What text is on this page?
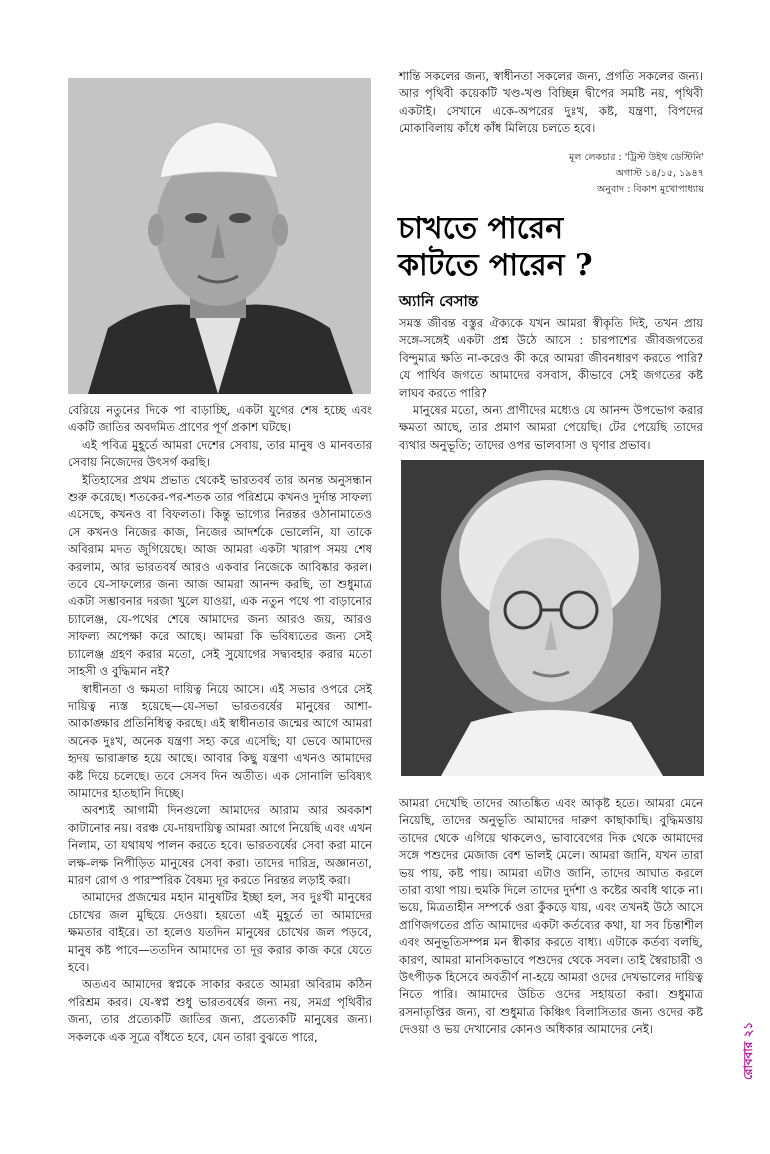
বেরিয়ে নতুনের দিকে পা বাড়াচ্ছি, একটা যুগের শেষ হচ্ছে এবং একটি জাতির অবদমিত প্রাণের পূর্ণ প্রকাশ ঘটছে।

এই পবিত্র মুহূর্তে আমরা দেশের সেবায়, তার মানুষ ও মানবতার সেবায় নিজেদের উৎসর্গ করছি।

ইতিহাসের প্রথম প্রভাত থেকেই ভারতবর্ষ তার অনন্ত অনুসন্ধান শুরু করেছে। শতকের-পর-শতক তার পরিশ্রমে কখনও দুর্দান্ত সাফল্য এসেছে, কখনও বা বিফলতা। কিন্তু ভাগ্যের নিরন্তর ওঠানামাতেও সে কখনও নিজের কাজ, নিজের আদর্শকে ভোলেনি, যা তাকে অবিরাম মদত জুগিয়েছে। আজ আমরা একটা খারাপ সময় শেষ করলাম, আর ভারতবর্ষ আরও একবার নিজেকে আবিষ্কার করল। তবে যে-সাফল্যের জন্য আজ আমরা আনন্দ করছি, তা শুধুমাত্র একটা সম্ভাবনার দরজা খুলে যাওয়া, এক নতুন পথে পা বাড়ানোর চ্যালেঞ্জ, যে-পথের শেষে আমাদের জন্য আরও জয়, আরও সাফল্য অপেক্ষা করে আছে। আমরা কি ভবিষ্যতের জন্য সেই চ্যালেঞ্জ গ্রহণ করার মতো, সেই সুযোগের সদ্ব্যবহার করার মতো সাহসী ও বুদ্ধিমান নই?

স্বাধীনতা ও ক্ষমতা দায়িত্ব নিয়ে আসে। এই সভার ওপরে সেই দায়িত্ব ন্যস্ত হয়েছে—যে-সভা ভারতবর্ষের মানুষের আশা-আকাঙ্ক্ষার প্রতিনিধিত্ব করছে। এই স্বাধীনতার জন্মের আগে আমরা অনেক দুঃখ, অনেক যন্ত্রণা সহ্য করে এসেছি; যা ভেবে আমাদের হৃদয় ভারাক্রান্ত হয়ে আছে। আবার কিছু যন্ত্রণা এখনও আমাদের কষ্ট দিয়ে চলেছে। তবে সেসব দিন অতীত। এক সোনালি ভবিষ্যৎ আমাদের হাতছানি দিচ্ছে।

অবশ্যই আগামী দিনগুলো আমাদের আরাম আর অবকাশ কাটানোর নয়। বরঞ্চ যে-দায়দায়িত্ব আমরা আগে নিয়েছি এবং এখন নিলাম, তা যথাযথ পালন করতে হবে। ভারতবর্ষের সেবা করা মানে লক্ষ-লক্ষ নিপীড়িত মানুষের সেবা করা। তাদের দারিদ্র, অজ্ঞানতা, মারণ রোগ ও পারস্পরিক বৈষম্য দূর করতে নিরন্তর লড়াই করা।

আমাদের প্রজন্মের মহান মানুষটির ইচ্ছা হল, সব দুঃখী মানুষের চোখের জল মুছিয়ে দেওয়া। হয়তো এই মুহূর্তে তা আমাদের ক্ষমতার বাইরে। তা হলেও যতদিন মানুষের চোখের জল পড়বে, মানুষ কষ্ট পাবে—ততদিন আমাদের তা দূর করার কাজ করে যেতে হবে।

অতএব আমাদের স্বপ্নকে সাকার করতে আমরা অবিরাম কঠিন পরিশ্রম করব। যে-স্বপ্ন শুধু ভারতবর্ষের জন্য নয়, সমগ্র পৃথিবীর জন্য, তার প্রত্যেকটি জাতির জন্য, প্রত্যেকটি মানুষের জন্য। সকলকে এক সূত্রে বাঁধতে হবে, যেন তারা বুঝতে পারে,

শান্তি সকলের জন্য, স্বাধীনতা সকলের জন্য, প্রগতি সকলের জন্য। আর পৃথিবী কয়েকটি খণ্ড-খণ্ড বিচ্ছিন্ন দ্বীপের সমষ্টি নয়, পৃথিবী একটাই। সেখানে একে-অপরের দুঃখ, কষ্ট, যন্ত্রণা, বিপদের মোকাবিলায় কাঁধে কাঁধ মিলিয়ে চলতে হবে।

মূল লেকচার : 'ট্রিস্ট উইথ ডেস্টিনি'
অগাস্ট ১৪/১৫, ১৯৪৭
অনুবাদ : বিকাশ মুখোপাধ্যায়
চাখতে পারেন
কাটতে পারেন ?
অ্যানি বেসান্ত

সমস্ত জীবন্ত বস্তুর ঐক্যকে যখন আমরা স্বীকৃতি দিই, তখন প্রায় সঙ্গে-সঙ্গেই একটা প্রশ্ন উঠে আসে : চারপাশের জীবজগতের বিন্দুমাত্র ক্ষতি না-করেও কী করে আমরা জীবনধারণ করতে পারি? যে পার্থিব জগতে আমাদের বসবাস, কীভাবে সেই জগতের কষ্ট লাঘব করতে পারি?

মানুষের মতো, অন্য প্রাণীদের মধ্যেও যে আনন্দ উপভোগ করার ক্ষমতা আছে, তার প্রমাণ আমরা পেয়েছি। টের পেয়েছি তাদের ব্যথার অনুভূতি; তাদের ওপর ভালবাসা ও ঘৃণার প্রভাব।

আমরা দেখেছি তাদের আতঙ্কিত এবং আকৃষ্ট হতে। আমরা মেনে নিয়েছি, তাদের অনুভূতি আমাদের দারুণ কাছাকাছি। বুদ্ধিমত্তায় তাদের থেকে এগিয়ে থাকলেও, ভাবাবেগের দিক থেকে আমাদের সঙ্গে পশুদের মেজাজ বেশ ভালই মেলে। আমরা জানি, যখন তারা ভয় পায়, কষ্ট পায়। আমরা এটাও জানি, তাদের আঘাত করলে তারা ব্যথা পায়। হুমকি দিলে তাদের দুর্দশা ও কষ্টের অবধি থাকে না। ভয়ে, মিত্রতাহীন সম্পর্কে ওরা কুঁকড়ে যায়, এবং তখনই উঠে আসে প্রাণিজগতের প্রতি আমাদের একটা কর্তব্যের কথা, যা সব চিন্তাশীল এবং অনুভূতিসম্পন্ন মন স্বীকার করতে বাধ্য। এটাকে কর্তব্য বলছি, কারণ, আমরা মানসিকভাবে পশুদের থেকে সবল। তাই স্বৈরাচারী ও উৎপীড়ক হিসেবে অবতীর্ণ না-হয়ে আমরা ওদের দেখভালের দায়িত্ব নিতে পারি। আমাদের উচিত ওদের সহায়তা করা। শুধুমাত্র রসনাতৃপ্তির জন্য, বা শুধুমাত্র কিঞ্চিৎ বিলাসিতার জন্য ওদের কষ্ট দেওয়া ও ভয় দেখানোর কোনও অধিকার আমাদের নেই।	রোববার ২১
